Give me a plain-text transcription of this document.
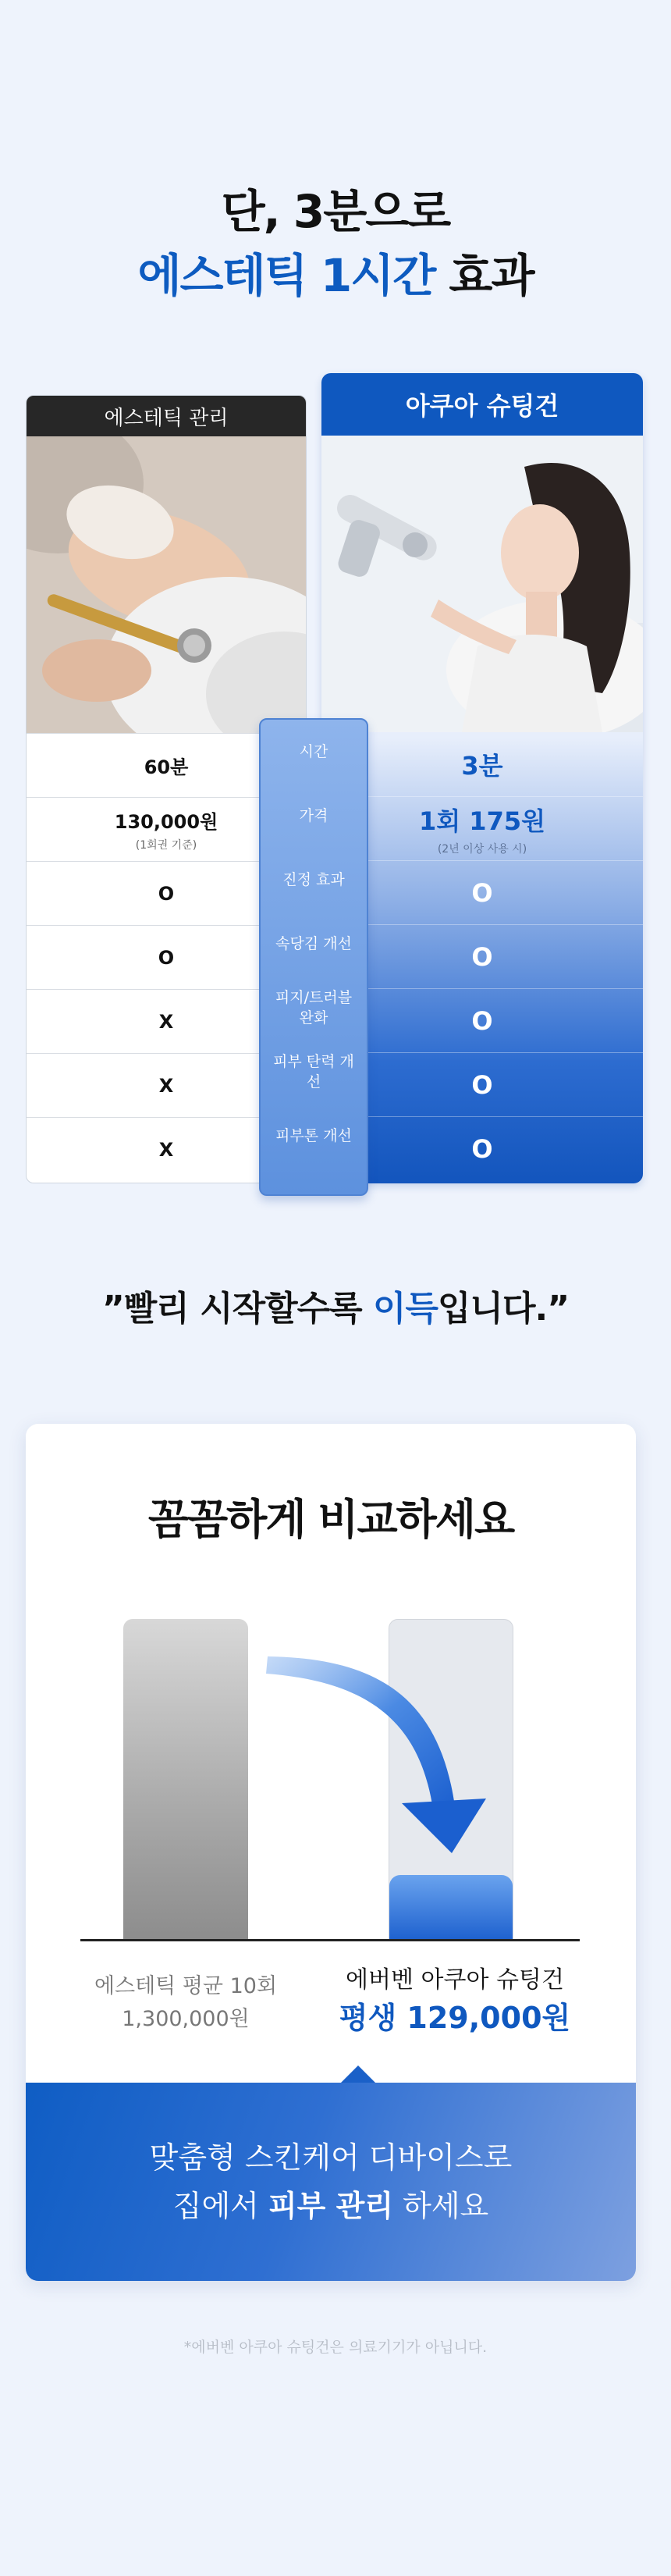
단, 3분으로
에스테틱 1시간 효과
에스테틱 관리
60분
130,000원
(1회권 기준)
O
O
X
X
X
아쿠아 슈팅건
3분
1회 175원
(2년 이상 사용 시)
O
O
O
O
O
시간
가격
진정 효과
속당김 개선
피지/트러블 완화
피부 탄력 개선
피부톤 개선
”빨리 시작할수록 이득입니다.”
꼼꼼하게 비교하세요
에스테틱 평균 10회
1,300,000원
에버벤 아쿠아 슈팅건
평생 129,000원
맞춤형 스킨케어 디바이스로
집에서 피부 관리 하세요
*에버벤 아쿠아 슈팅건은 의료기기가 아닙니다.
